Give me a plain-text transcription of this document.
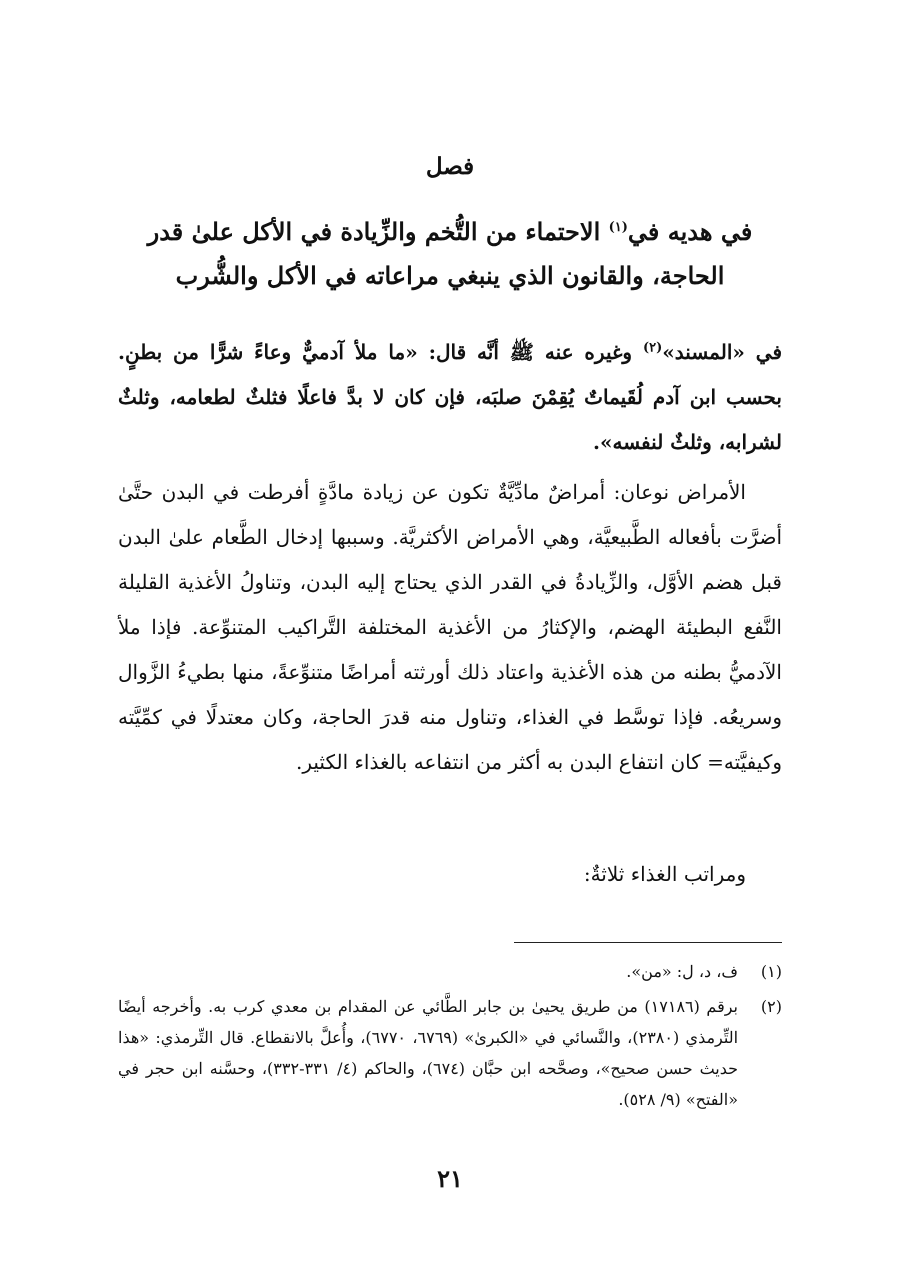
فصل
في هديه في$^{(١)}$ الاحتماء من التُّخم والزِّيادة في الأكل علىٰ قدر الحاجة، والقانون الذي ينبغي مراعاته في الأكل والشُّرب
في «المسند»$^{(٢)}$ وغيره عنه ﷺ أنَّه قال: «ما ملأ آدميٌّ وعاءً شرًّا من بطنٍ. بحسب ابن آدم لُقَيماتٌ يُقِمْنَ صلبَه، فإن كان لا بدَّ فاعلًا فثلثٌ لطعامه، وثلثٌ لشرابه، وثلثٌ لنفسه».

الأمراض نوعان: أمراضٌ مادِّيَّةٌ تكون عن زيادة مادَّةٍ أفرطت في البدن حتَّىٰ أضرَّت بأفعاله الطَّبيعيَّة، وهي الأمراض الأكثريَّة. وسببها إدخال الطَّعام علىٰ البدن قبل هضم الأوَّل، والزِّيادةُ في القدر الذي يحتاج إليه البدن، وتناولُ الأغذية القليلة النَّفع البطيئة الهضم، والإكثارُ من الأغذية المختلفة التَّراكيب المتنوِّعة. فإذا ملأ الآدميُّ بطنه من هذه الأغذية واعتاد ذلك أورثته أمراضًا متنوِّعةً، منها بطيءُ الزَّوال وسريعُه. فإذا توسَّط في الغذاء، وتناول منه قدرَ الحاجة، وكان معتدلًا في كمِّيَّته وكيفيَّته= كان انتفاع البدن به أكثر من انتفاعه بالغذاء الكثير.

ومراتب الغذاء ثلاثةٌ:

(١)
ف، د، ل: «من».
(٢)
برقم (١٧١٨٦) من طريق يحيىٰ بن جابر الطَّائي عن المقدام بن معدي كرب به. وأخرجه أيضًا التِّرمذي (٢٣٨٠)، والنَّسائي في «الكبرىٰ» (٦٧٦٩، ٦٧٧٠)، وأُعلَّ بالانقطاع. قال التِّرمذي: «هذا حديث حسن صحيح»، وصحَّحه ابن حبَّان (٦٧٤)، والحاكم (٤/ ٣٣١-٣٣٢)، وحسَّنه ابن حجر في «الفتح» (٩/ ٥٢٨).
٢١
